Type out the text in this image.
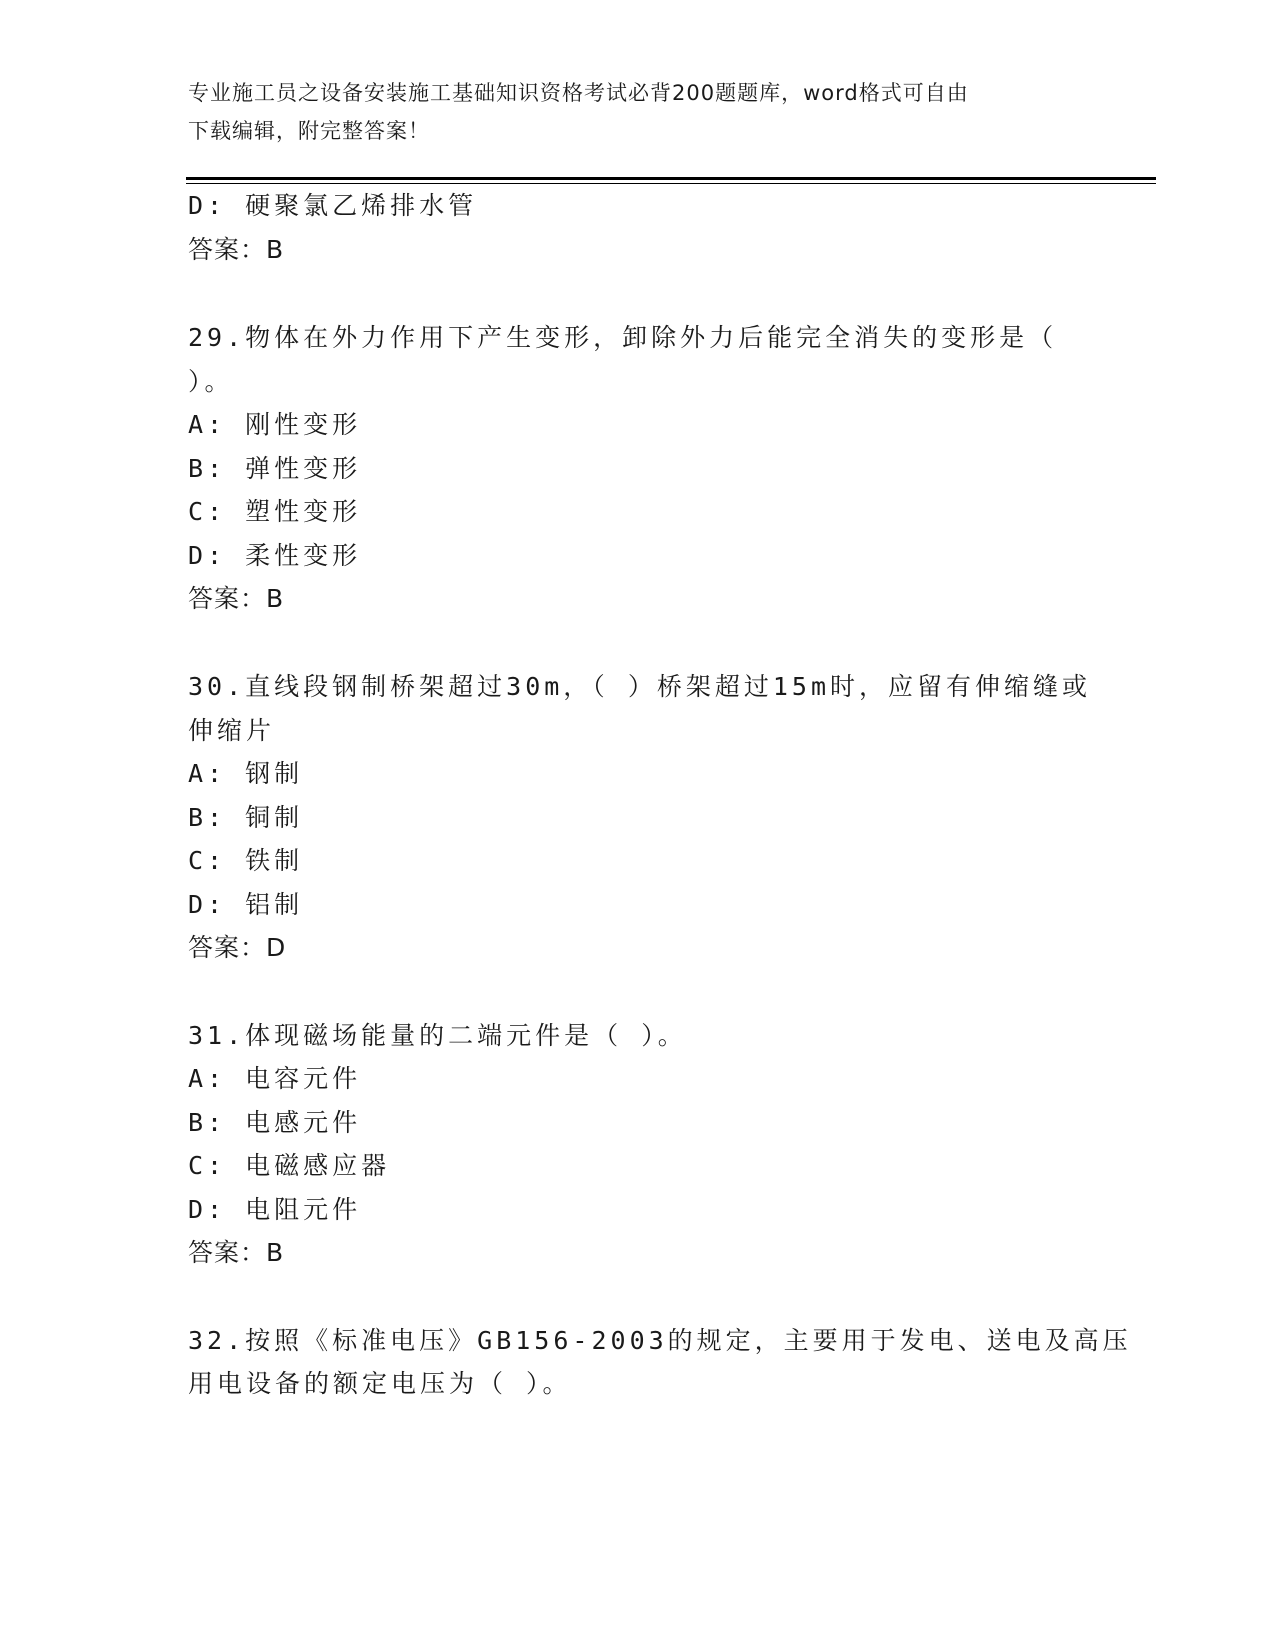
专业施工员之设备安装施工基础知识资格考试必背200题题库，word格式可自由
下载编辑，附完整答案！
D: 硬聚氯乙烯排水管
答案：B
29.物体在外力作用下产生变形，卸除外力后能完全消失的变形是（
）。
A: 刚性变形
B: 弹性变形
C: 塑性变形
D: 柔性变形
答案：B
30.直线段钢制桥架超过30m，（ ）桥架超过15m时，应留有伸缩缝或
伸缩片
A: 钢制
B: 铜制
C: 铁制
D: 铝制
答案：D
31.体现磁场能量的二端元件是（ ）。
A: 电容元件
B: 电感元件
C: 电磁感应器
D: 电阻元件
答案：B
32.按照《标准电压》GB156-2003的规定，主要用于发电、送电及高压
用电设备的额定电压为（ ）。
